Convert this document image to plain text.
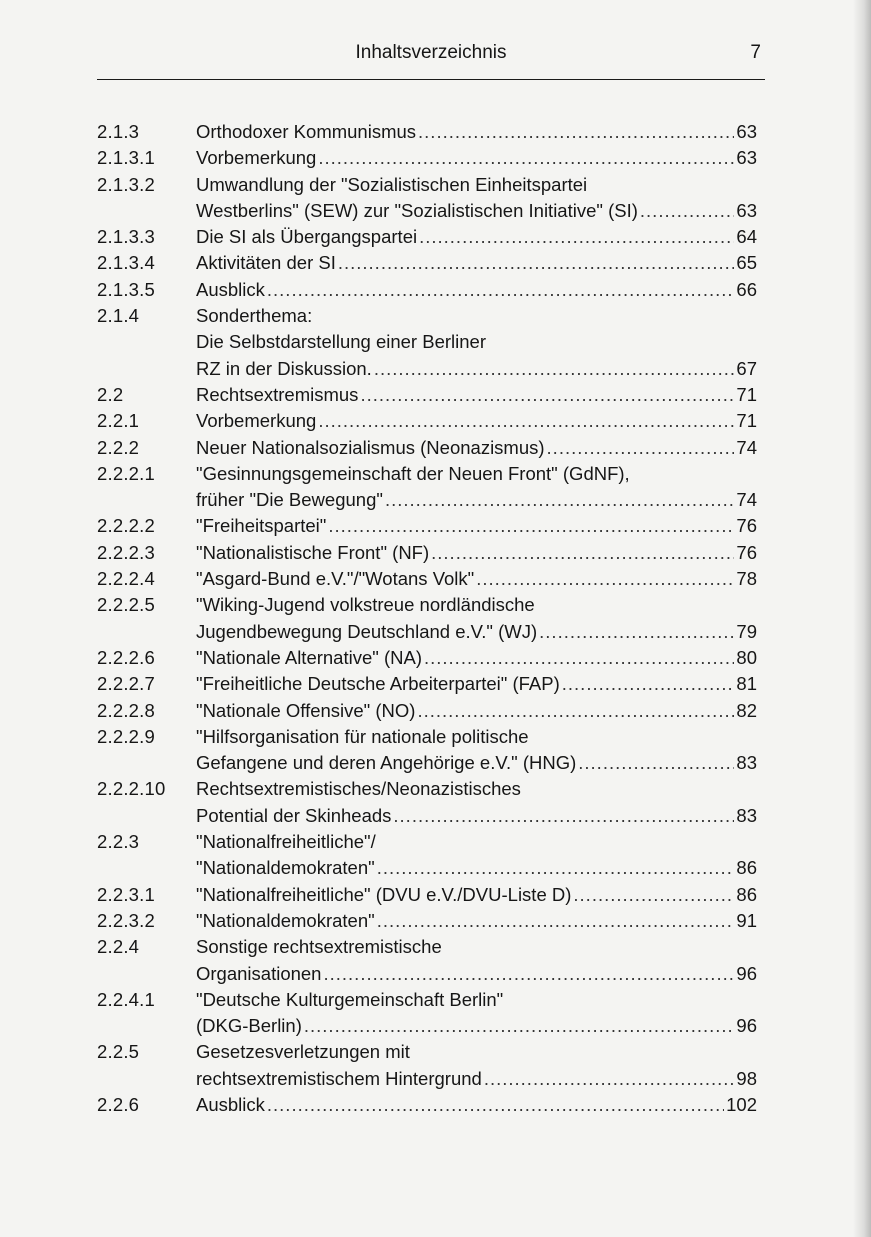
Inhaltsverzeichnis	7
2.1.3	Orthodoxer Kommunismus .....	63
2.1.3.1	Vorbemerkung .....	63
2.1.3.2	Umwandlung der "Sozialistischen Einheitspartei
Westberlins" (SEW) zur "Sozialistischen Initiative" (SI) .....	63
2.1.3.3	Die SI als Übergangspartei .....	64
2.1.3.4	Aktivitäten der SI .....	65
2.1.3.5	Ausblick .....	66
2.1.4	Sonderthema:
Die Selbstdarstellung einer Berliner
RZ in der Diskussion. .....	67
2.2	Rechtsextremismus .....	71
2.2.1	Vorbemerkung .....	71
2.2.2	Neuer Nationalsozialismus (Neonazismus) .....	74
2.2.2.1	"Gesinnungsgemeinschaft der Neuen Front" (GdNF),
früher "Die Bewegung" .....	74
2.2.2.2	"Freiheitspartei" .....	76
2.2.2.3	"Nationalistische Front" (NF) .....	76
2.2.2.4	"Asgard-Bund e.V."/"Wotans Volk" .....	78
2.2.2.5	"Wiking-Jugend volkstreue nordländische
Jugendbewegung Deutschland e.V." (WJ) .....	79
2.2.2.6	"Nationale Alternative" (NA) .....	80
2.2.2.7	"Freiheitliche Deutsche Arbeiterpartei" (FAP) .....	81
2.2.2.8	"Nationale Offensive" (NO) .....	82
2.2.2.9	"Hilfsorganisation für nationale politische
Gefangene und deren Angehörige e.V." (HNG) .....	83
2.2.2.10	Rechtsextremistisches/Neonazistisches
Potential der Skinheads .....	83
2.2.3	"Nationalfreiheitliche"/
"Nationaldemokraten" .....	86
2.2.3.1	"Nationalfreiheitliche" (DVU e.V./DVU-Liste D) .....	86
2.2.3.2	"Nationaldemokraten" .....	91
2.2.4	Sonstige rechtsextremistische
Organisationen .....	96
2.2.4.1	"Deutsche Kulturgemeinschaft Berlin"
(DKG-Berlin) .....	96
2.2.5	Gesetzesverletzungen mit
rechtsextremistischem Hintergrund .....	98
2.2.6	Ausblick .....	102
